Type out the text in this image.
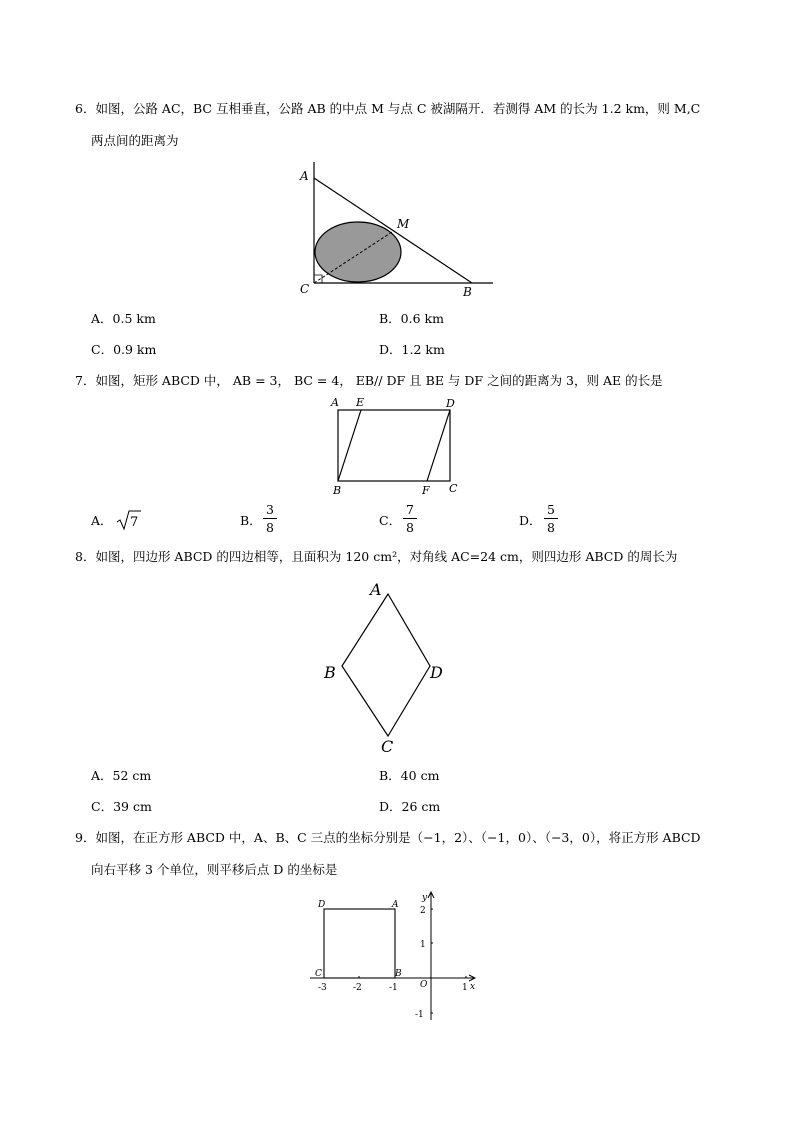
6．如图，公路 AC，BC 互相垂直，公路 AB 的中点 M 与点 C 被湖隔开．若测得 AM 的长为 1.2 km，则 M,C
两点间的距离为
A
M
C	B
A．0.5 km	B．0.6 km
C．0.9 km	D．1.2 km
7．如图，矩形 ABCD 中， AB = 3， BC = 4， EB// DF 且 BE 与 DF 之间的距离为 3，则 AE 的长是
A E	D
B	F C
A． 7	B．
3
8	C．
7
8	D．
5
8
8．如图，四边形 ABCD 的四边相等，且面积为 120 cm²，对角线 AC=24 cm，则四边形 ABCD 的周长为
A
B
C
D
A．52 cm	B．40 cm
C．39 cm	D．26 cm
9．如图，在正方形 ABCD 中，A、B、C 三点的坐标分别是（−1，2）、（−1，0）、（−3，0），将正方形 ABCD
向右平移 3 个单位，则平移后点 D 的坐标是
D	A
C	B
O	x
y
-3	-2	-1	1
2
1
-1
